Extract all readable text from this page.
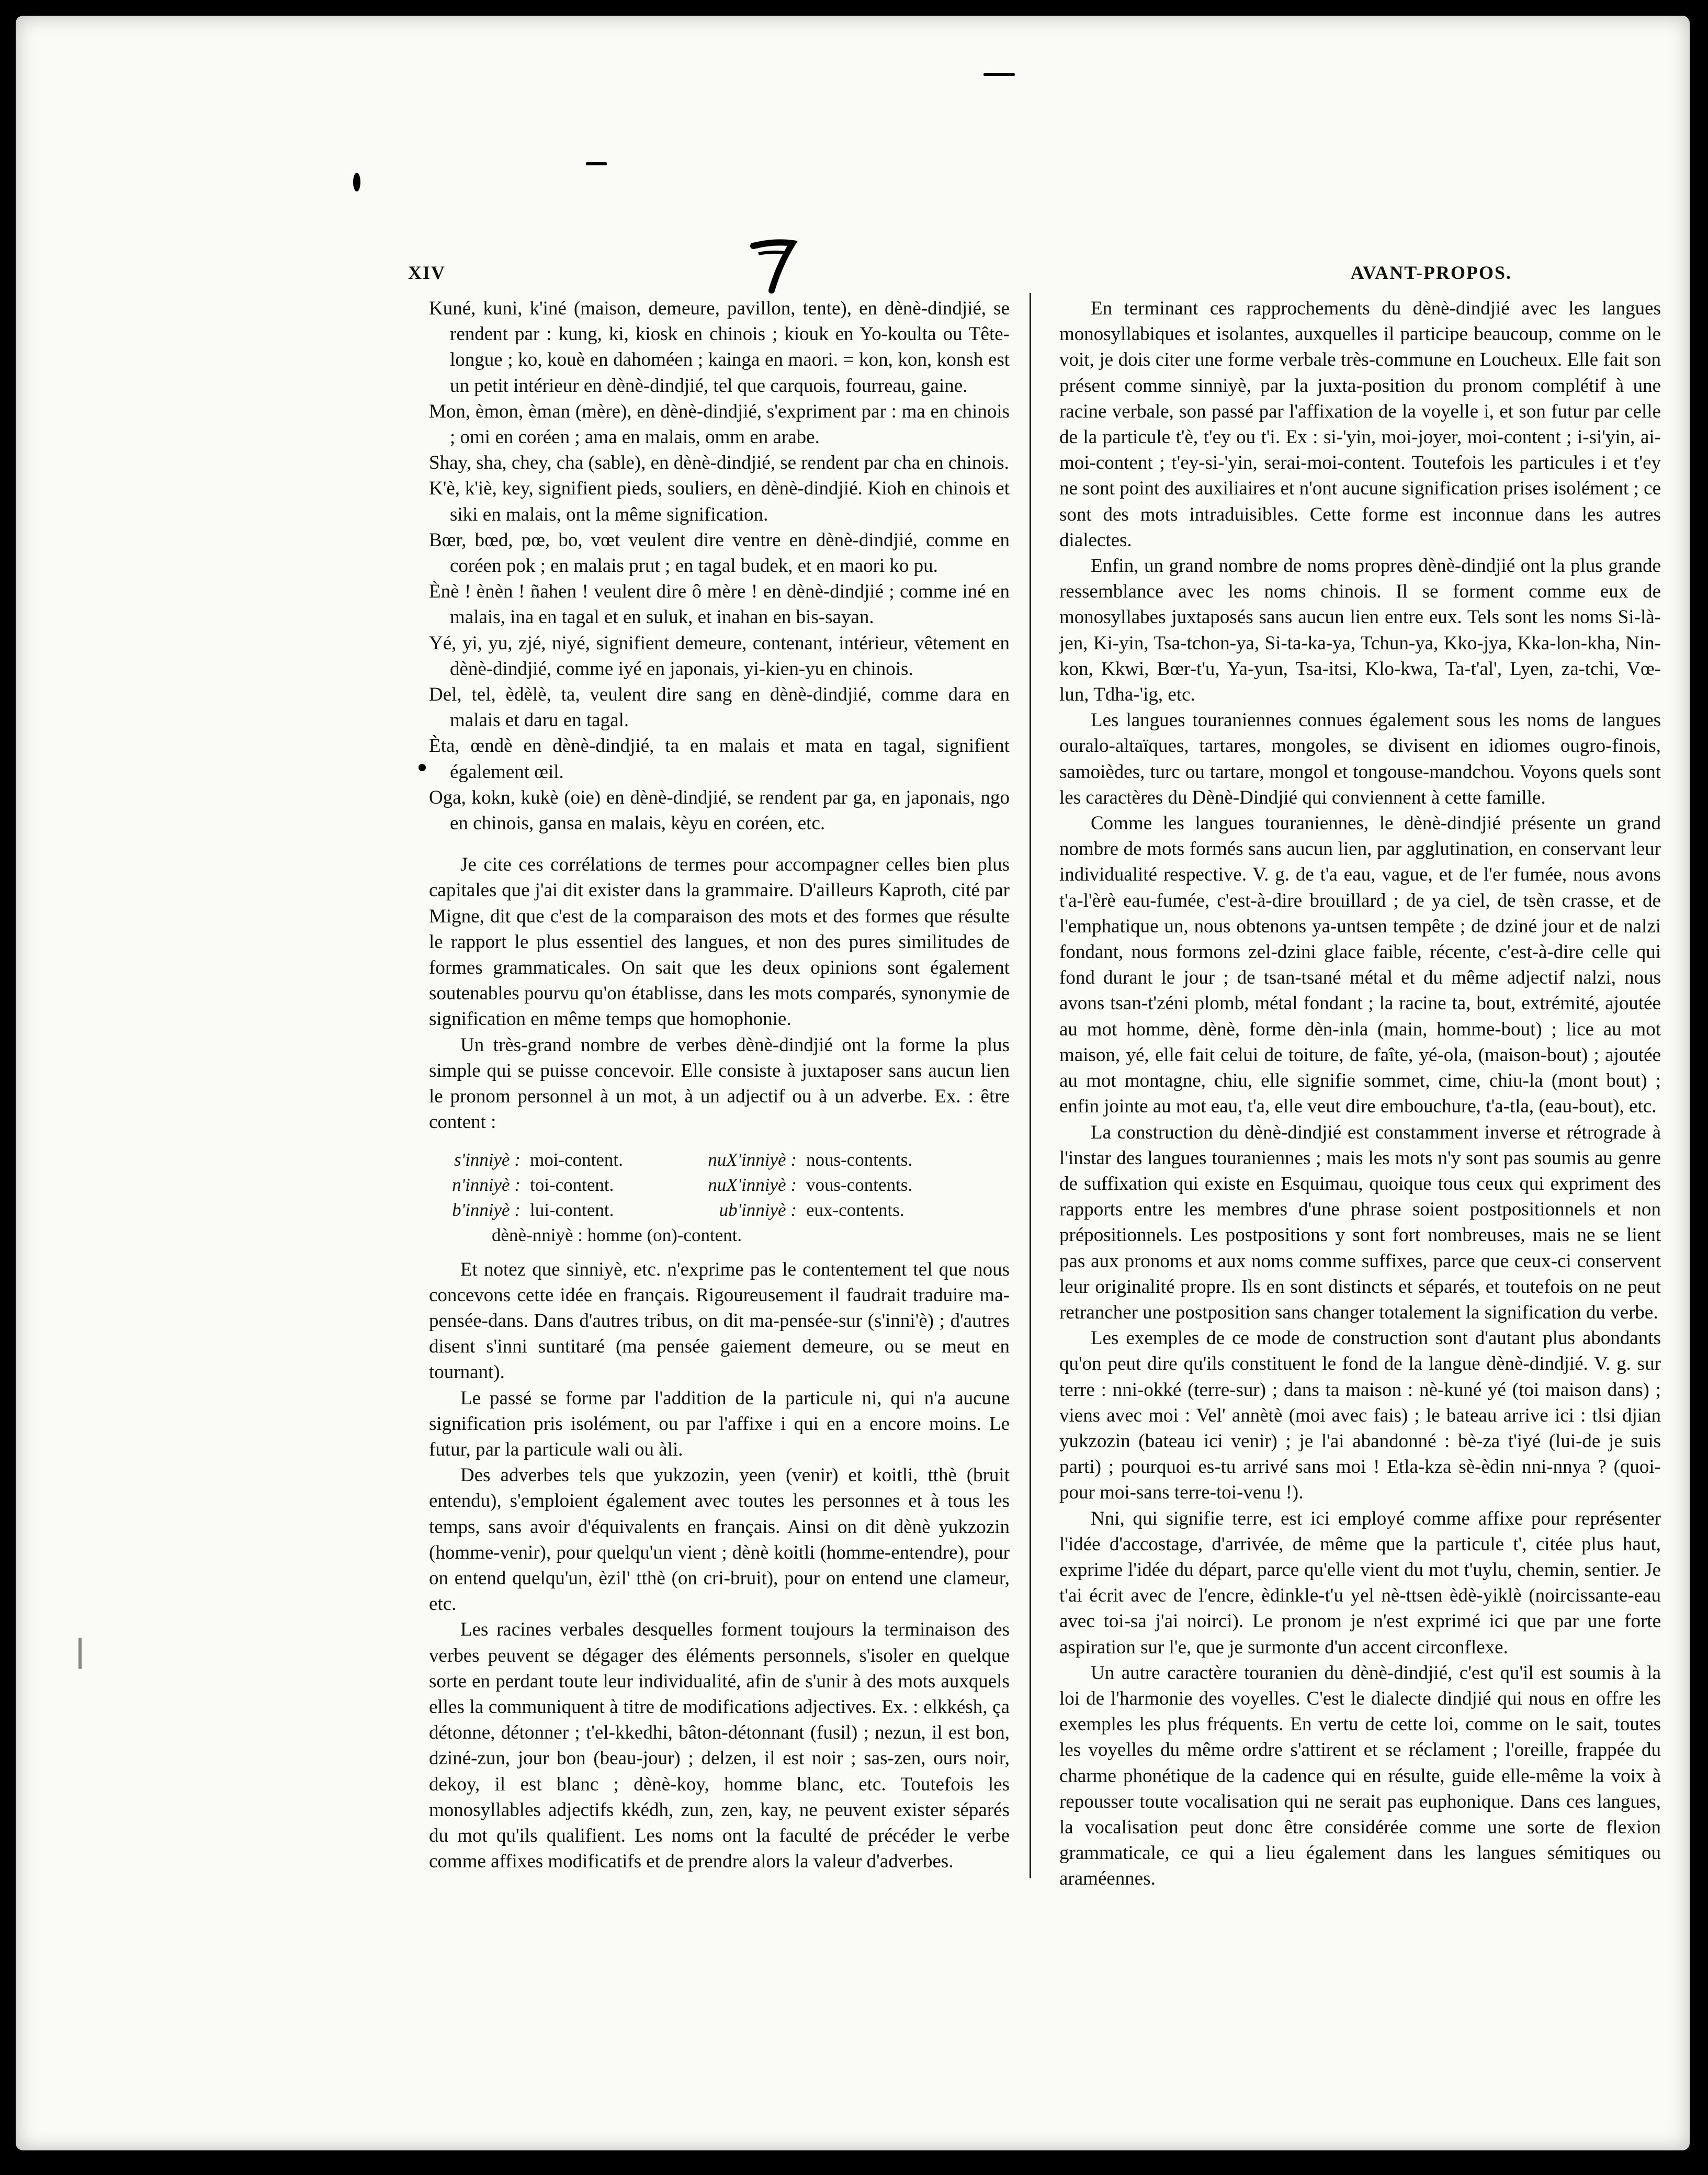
XIV	AVANT-PROPOS.

Kuné, kuni, k'iné (maison, demeure, pavillon, tente), en dènè-dindjié, se rendent par : kung, ki, kiosk en chinois ; kiouk en Yo-koulta ou Tête-longue ; ko, kouè en dahoméen ; kainga en maori. = kon, kon, konsh est un petit intérieur en dènè-dindjié, tel que carquois, fourreau, gaine.

Mon, èmon, èman (mère), en dènè-dindjié, s'expriment par : ma en chinois ; omi en coréen ; ama en malais, omm en arabe.

Shay, sha, chey, cha (sable), en dènè-dindjié, se rendent par cha en chinois.

K'è, k'iè, key, signifient pieds, souliers, en dènè-dindjié. Kioh en chinois et siki en malais, ont la même signification.

Bœr, bœd, pœ, bo, vœt veulent dire ventre en dènè-dindjié, comme en coréen pok ; en malais prut ; en tagal budek, et en maori ko pu.

Ènè ! ènèn ! ñahen ! veulent dire ô mère ! en dènè-dindjié ; comme iné en malais, ina en tagal et en suluk, et inahan en bis-sayan.

Yé, yi, yu, zjé, niyé, signifient demeure, contenant, intérieur, vêtement en dènè-dindjié, comme iyé en japonais, yi-kien-yu en chinois.

Del, tel, èdèlè, ta, veulent dire sang en dènè-dindjié, comme dara en malais et daru en tagal.

Èta, œndè en dènè-dindjié, ta en malais et mata en tagal, signifient également œil.

Oga, kokn, kukè (oie) en dènè-dindjié, se rendent par ga, en japonais, ngo en chinois, gansa en malais, kèyu en coréen, etc.

Je cite ces corrélations de termes pour accompagner celles bien plus capitales que j'ai dit exister dans la grammaire. D'ailleurs Kaproth, cité par Migne, dit que c'est de la comparaison des mots et des formes que résulte le rapport le plus essentiel des langues, et non des pures similitudes de formes grammaticales. On sait que les deux opinions sont également soutenables pourvu qu'on établisse, dans les mots comparés, synonymie de signification en même temps que homophonie.

Un très-grand nombre de verbes dènè-dindjié ont la forme la plus simple qui se puisse concevoir. Elle consiste à juxtaposer sans aucun lien le pronom personnel à un mot, à un adjectif ou à un adverbe. Ex. : être content :

s'inniyè : moi-content.	nuX'inniyè : nous-contents.
n'inniyè : toi-content.	nuX'inniyè : vous-contents.
b'inniyè : lui-content.	ub'inniyè : eux-contents.
dènè-nniyè : homme (on)-content.

Et notez que sinniyè, etc. n'exprime pas le contentement tel que nous concevons cette idée en français. Rigoureusement il faudrait traduire ma-pensée-dans. Dans d'autres tribus, on dit ma-pensée-sur (s'inni'è) ; d'autres disent s'inni suntitaré (ma pensée gaiement demeure, ou se meut en tournant).

Le passé se forme par l'addition de la particule ni, qui n'a aucune signification pris isolément, ou par l'affixe i qui en a encore moins. Le futur, par la particule wali ou àli.

Des adverbes tels que yukzozin, yeen (venir) et koitli, tthè (bruit entendu), s'emploient également avec toutes les personnes et à tous les temps, sans avoir d'équivalents en français. Ainsi on dit dènè yukzozin (homme-venir), pour quelqu'un vient ; dènè koitli (homme-entendre), pour on entend quelqu'un, èzil' tthè (on cri-bruit), pour on entend une clameur, etc.

Les racines verbales desquelles forment toujours la terminaison des verbes peuvent se dégager des éléments personnels, s'isoler en quelque sorte en perdant toute leur individualité, afin de s'unir à des mots auxquels elles la communiquent à titre de modifications adjectives. Ex. : elkkésh, ça détonne, détonner ; t'el-kkedhi, bâton-détonnant (fusil) ; nezun, il est bon, dziné-zun, jour bon (beau-jour) ; delzen, il est noir ; sas-zen, ours noir, dekoy, il est blanc ; dènè-koy, homme blanc, etc. Toutefois les monosyllables adjectifs kkédh, zun, zen, kay, ne peuvent exister séparés du mot qu'ils qualifient. Les noms ont la faculté de précéder le verbe comme affixes modificatifs et de prendre alors la valeur d'adverbes.

En terminant ces rapprochements du dènè-dindjié avec les langues monosyllabiques et isolantes, auxquelles il participe beaucoup, comme on le voit, je dois citer une forme verbale très-commune en Loucheux. Elle fait son présent comme sinniyè, par la juxta-position du pronom complétif à une racine verbale, son passé par l'affixation de la voyelle i, et son futur par celle de la particule t'è, t'ey ou t'i. Ex : si-'yin, moi-joyer, moi-content ; i-si'yin, ai-moi-content ; t'ey-si-'yin, serai-moi-content. Toutefois les particules i et t'ey ne sont point des auxiliaires et n'ont aucune signification prises isolément ; ce sont des mots intraduisibles. Cette forme est inconnue dans les autres dialectes.

Enfin, un grand nombre de noms propres dènè-dindjié ont la plus grande ressemblance avec les noms chinois. Il se forment comme eux de monosyllabes juxtaposés sans aucun lien entre eux. Tels sont les noms Si-là-jen, Ki-yin, Tsa-tchon-ya, Si-ta-ka-ya, Tchun-ya, Kko-jya, Kka-lon-kha, Nin-kon, Kkwi, Bœr-t'u, Ya-yun, Tsa-itsi, Klo-kwa, Ta-t'al', Lyen, za-tchi, Vœ-lun, Tdha-'ig, etc.

Les langues touraniennes connues également sous les noms de langues ouralo-altaïques, tartares, mongoles, se divisent en idiomes ougro-finois, samoièdes, turc ou tartare, mongol et tongouse-mandchou. Voyons quels sont les caractères du Dènè-Dindjié qui conviennent à cette famille.

Comme les langues touraniennes, le dènè-dindjié présente un grand nombre de mots formés sans aucun lien, par agglutination, en conservant leur individualité respective. V. g. de t'a eau, vague, et de l'er fumée, nous avons t'a-l'èrè eau-fumée, c'est-à-dire brouillard ; de ya ciel, de tsèn crasse, et de l'emphatique un, nous obtenons ya-untsen tempête ; de dziné jour et de nalzi fondant, nous formons zel-dzini glace faible, récente, c'est-à-dire celle qui fond durant le jour ; de tsan-tsané métal et du même adjectif nalzi, nous avons tsan-t'zéni plomb, métal fondant ; la racine ta, bout, extrémité, ajoutée au mot homme, dènè, forme dèn-inla (main, homme-bout) ; lice au mot maison, yé, elle fait celui de toiture, de faîte, yé-ola, (maison-bout) ; ajoutée au mot montagne, chiu, elle signifie sommet, cime, chiu-la (mont bout) ; enfin jointe au mot eau, t'a, elle veut dire embouchure, t'a-tla, (eau-bout), etc.

La construction du dènè-dindjié est constamment inverse et rétrograde à l'instar des langues touraniennes ; mais les mots n'y sont pas soumis au genre de suffixation qui existe en Esquimau, quoique tous ceux qui expriment des rapports entre les membres d'une phrase soient postpositionnels et non prépositionnels. Les postpositions y sont fort nombreuses, mais ne se lient pas aux pronoms et aux noms comme suffixes, parce que ceux-ci conservent leur originalité propre. Ils en sont distincts et séparés, et toutefois on ne peut retrancher une postposition sans changer totalement la signification du verbe.

Les exemples de ce mode de construction sont d'autant plus abondants qu'on peut dire qu'ils constituent le fond de la langue dènè-dindjié. V. g. sur terre : nni-okké (terre-sur) ; dans ta maison : nè-kuné yé (toi maison dans) ; viens avec moi : Vel' annètè (moi avec fais) ; le bateau arrive ici : tlsi djian yukzozin (bateau ici venir) ; je l'ai abandonné : bè-za t'iyé (lui-de je suis parti) ; pourquoi es-tu arrivé sans moi ! Etla-kza sè-èdin nni-nnya ? (quoi-pour moi-sans terre-toi-venu !).

Nni, qui signifie terre, est ici employé comme affixe pour représenter l'idée d'accostage, d'arrivée, de même que la particule t', citée plus haut, exprime l'idée du départ, parce qu'elle vient du mot t'uylu, chemin, sentier. Je t'ai écrit avec de l'encre, èdinkle-t'u yel nè-ttsen èdè-yiklè (noircissante-eau avec toi-sa j'ai noirci). Le pronom je n'est exprimé ici que par une forte aspiration sur l'e, que je surmonte d'un accent circonflexe.

Un autre caractère touranien du dènè-dindjié, c'est qu'il est soumis à la loi de l'harmonie des voyelles. C'est le dialecte dindjié qui nous en offre les exemples les plus fréquents. En vertu de cette loi, comme on le sait, toutes les voyelles du même ordre s'attirent et se réclament ; l'oreille, frappée du charme phonétique de la cadence qui en résulte, guide elle-même la voix à repousser toute vocalisation qui ne serait pas euphonique. Dans ces langues, la vocalisation peut donc être considérée comme une sorte de flexion grammaticale, ce qui a lieu également dans les langues sémitiques ou araméennes.
